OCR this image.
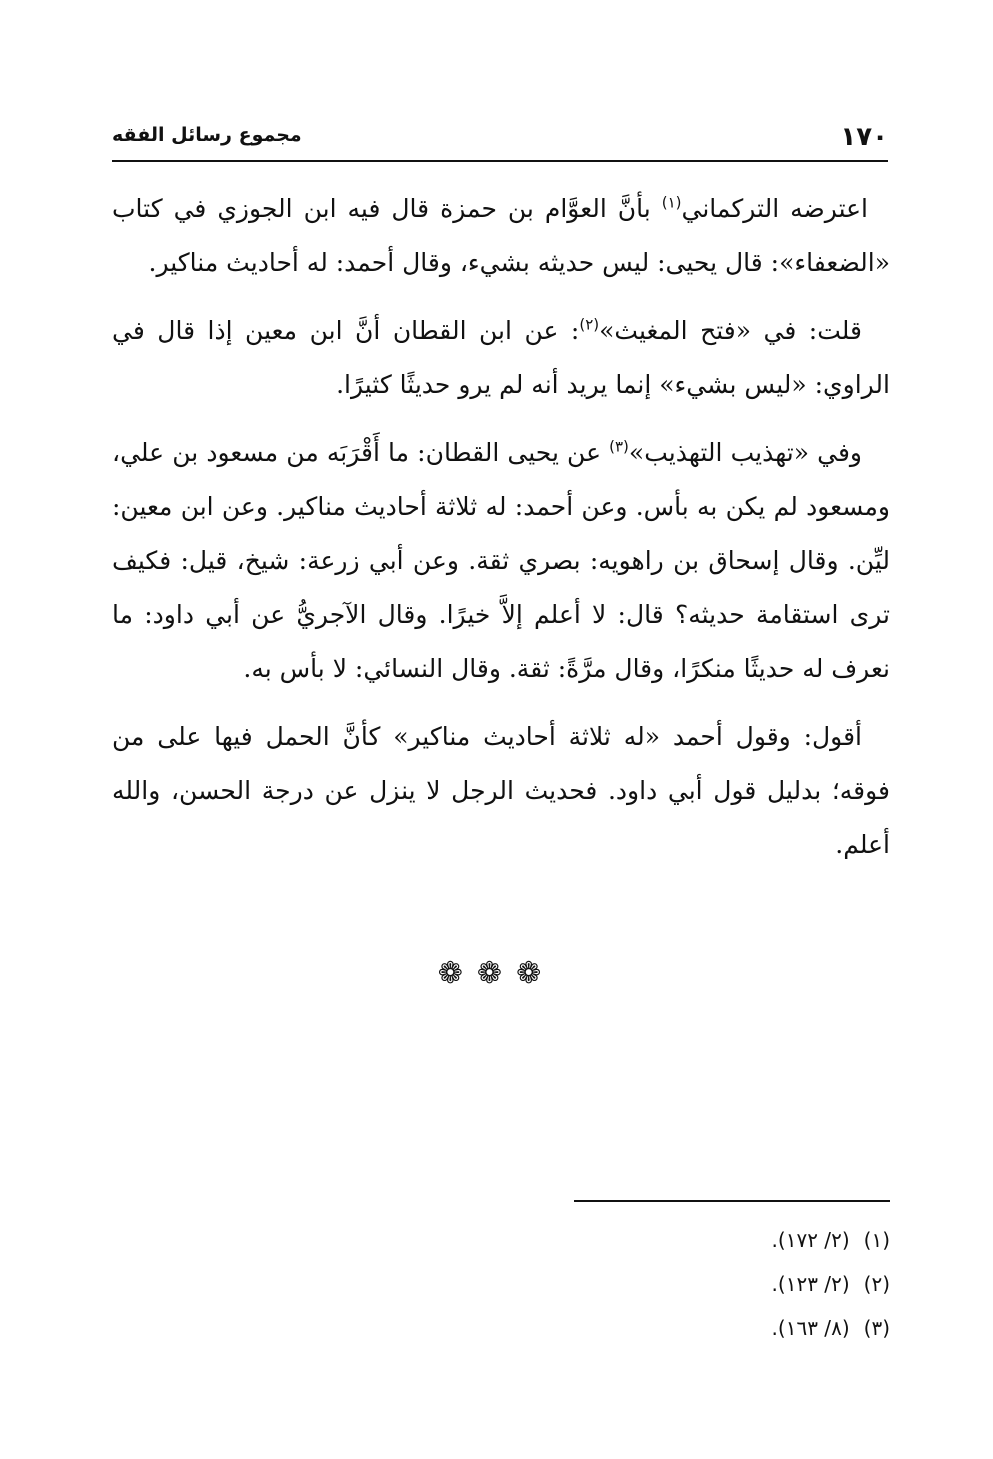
١٧٠
مجموع رسائل الفقه

اعترضه التركماني$^{(١)}$ بأنَّ العوَّام بن حمزة قال فيه ابن الجوزي في كتاب «الضعفاء»: قال يحيى: ليس حديثه بشيء، وقال أحمد: له أحاديث مناكير.

قلت: في «فتح المغيث»$^{(٢)}$: عن ابن القطان أنَّ ابن معين إذا قال في الراوي: «ليس بشيء» إنما يريد أنه لم يرو حديثًا كثيرًا.

وفي «تهذيب التهذيب»$^{(٣)}$ عن يحيى القطان: ما أَقْرَبَه من مسعود بن علي، ومسعود لم يكن به بأس. وعن أحمد: له ثلاثة أحاديث مناكير. وعن ابن معين: ليِّن. وقال إسحاق بن راهويه: بصري ثقة. وعن أبي زرعة: شيخ، قيل: فكيف ترى استقامة حديثه؟ قال: لا أعلم إلاَّ خيرًا. وقال الآجريُّ عن أبي داود: ما نعرف له حديثًا منكرًا، وقال مرَّةً: ثقة. وقال النسائي: لا بأس به.

أقول: وقول أحمد «له ثلاثة أحاديث مناكير» كأنَّ الحمل فيها على من فوقه؛ بدليل قول أبي داود. فحديث الرجل لا ينزل عن درجة الحسن، والله أعلم.

❁❁❁
(١)(٢/ ١٧٢).
(٢)(٢/ ١٢٣).
(٣)(٨/ ١٦٣).
